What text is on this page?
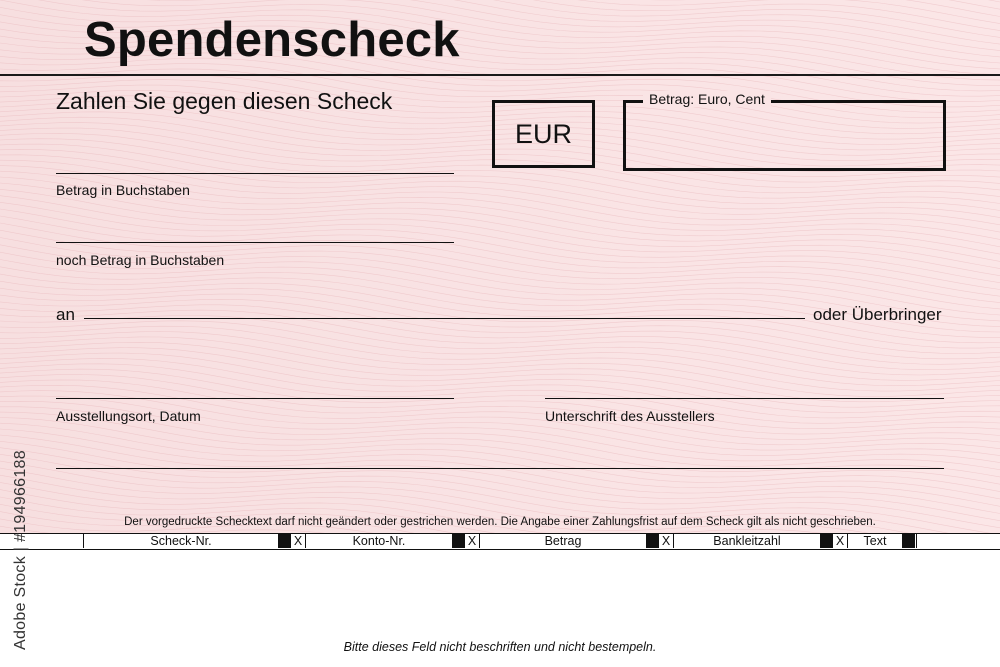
Spendenscheck
Zahlen Sie gegen diesen Scheck
EUR
Betrag: Euro, Cent
Betrag in Buchstaben
noch Betrag in Buchstaben
an	oder Überbringer
Ausstellungsort, Datum	Unterschrift des Ausstellers
Der vorgedruckte Schecktext darf nicht geändert oder gestrichen werden. Die Angabe einer Zahlungsfrist auf dem Scheck gilt als nicht geschrieben.
Scheck-Nr.	X	Konto-Nr.	X	Betrag	X	Bankleitzahl	X	Text
Bitte dieses Feld nicht beschriften und nicht bestempeln.
Adobe Stock | #194966188
